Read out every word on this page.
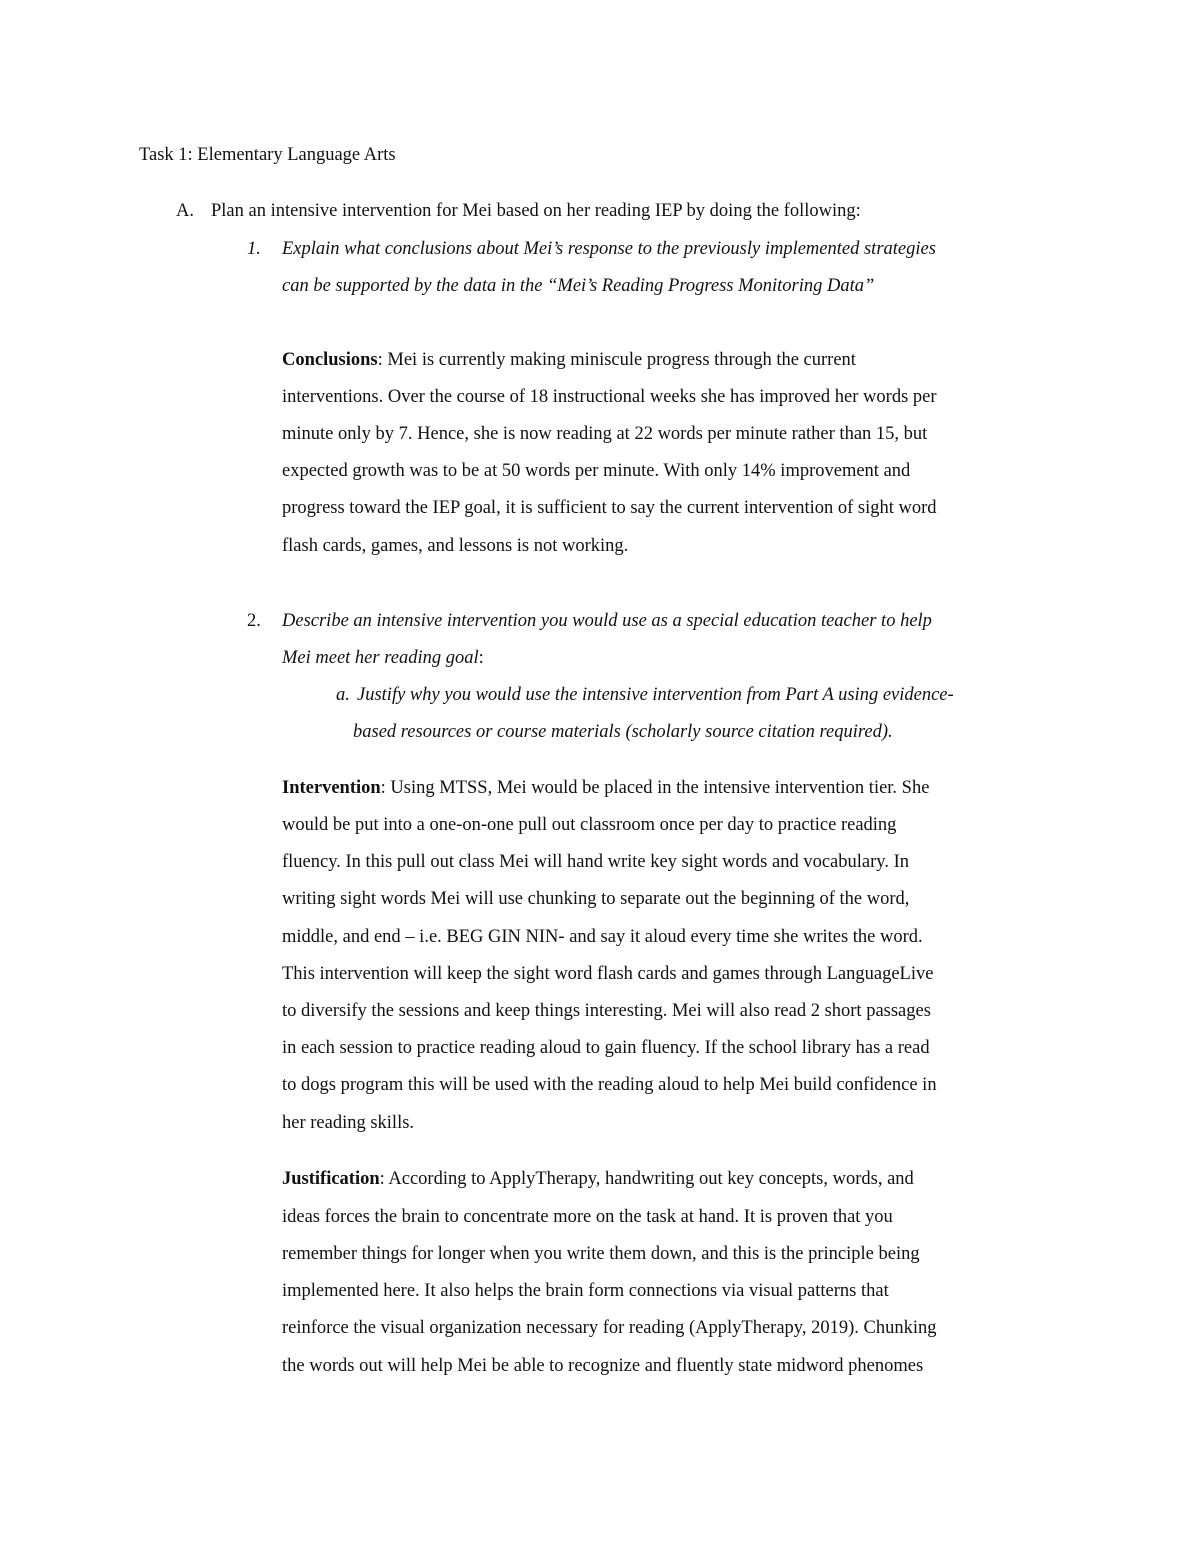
Task 1: Elementary Language Arts
A. Plan an intensive intervention for Mei based on her reading IEP by doing the following:
1. Explain what conclusions about Mei’s response to the previously implemented strategies
can be supported by the data in the “Mei’s Reading Progress Monitoring Data”
Conclusions: Mei is currently making miniscule progress through the current
interventions. Over the course of 18 instructional weeks she has improved her words per
minute only by 7. Hence, she is now reading at 22 words per minute rather than 15, but
expected growth was to be at 50 words per minute. With only 14% improvement and
progress toward the IEP goal, it is sufficient to say the current intervention of sight word
flash cards, games, and lessons is not working.
2. Describe an intensive intervention you would use as a special education teacher to help
Mei meet her reading goal:
a. Justify why you would use the intensive intervention from Part A using evidence-
based resources or course materials (scholarly source citation required).
Intervention: Using MTSS, Mei would be placed in the intensive intervention tier. She
would be put into a one-on-one pull out classroom once per day to practice reading
fluency. In this pull out class Mei will hand write key sight words and vocabulary. In
writing sight words Mei will use chunking to separate out the beginning of the word,
middle, and end – i.e. BEG GIN NIN- and say it aloud every time she writes the word.
This intervention will keep the sight word flash cards and games through LanguageLive
to diversify the sessions and keep things interesting. Mei will also read 2 short passages
in each session to practice reading aloud to gain fluency. If the school library has a read
to dogs program this will be used with the reading aloud to help Mei build confidence in
her reading skills.
Justification: According to ApplyTherapy, handwriting out key concepts, words, and
ideas forces the brain to concentrate more on the task at hand. It is proven that you
remember things for longer when you write them down, and this is the principle being
implemented here. It also helps the brain form connections via visual patterns that
reinforce the visual organization necessary for reading (ApplyTherapy, 2019). Chunking
the words out will help Mei be able to recognize and fluently state midword phenomes
